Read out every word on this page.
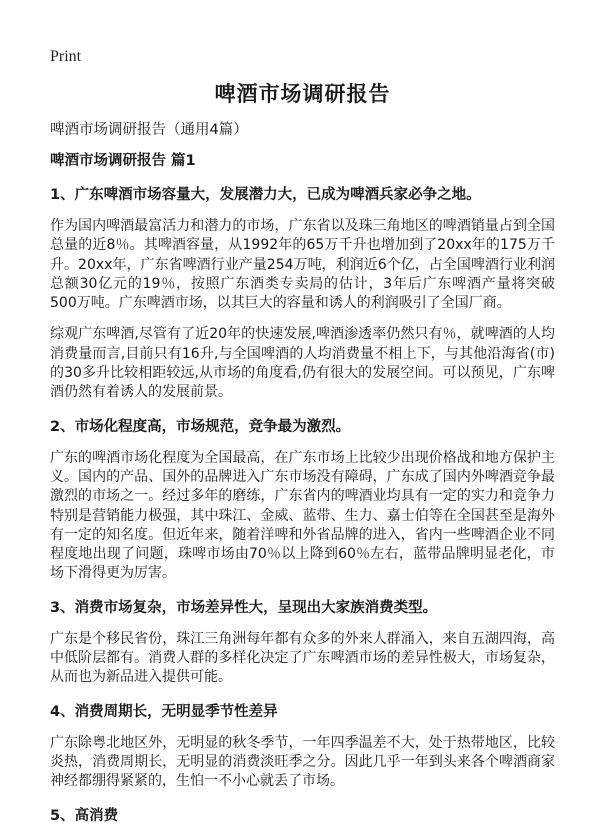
Print
啤酒市场调研报告
啤酒市场调研报告（通用4篇）
啤酒市场调研报告 篇1
1、广东啤酒市场容量大，发展潜力大，已成为啤酒兵家必争之地。

作为国内啤酒最富活力和潜力的市场，广东省以及珠三角地区的啤酒销量占到全国总量的近8％。其啤酒容量，从1992年的65万千升也增加到了20xx年的175万千升。20xx年，广东省啤酒行业产量254万吨，利润近6个亿，占全国啤酒行业利润总额30亿元的19％，按照广东酒类专卖局的估计，3年后广东啤酒产量将突破500万吨。广东啤酒市场，以其巨大的容量和诱人的利润吸引了全国厂商。

综观广东啤酒,尽管有了近20年的快速发展,啤酒渗透率仍然只有％，就啤酒的人均消费量而言,目前只有16升,与全国啤酒的人均消费量不相上下，与其他沿海省(市)的30多升比较相距较远,从市场的角度看,仍有很大的发展空间。可以预见，广东啤酒仍然有着诱人的发展前景。

2、市场化程度高，市场规范，竞争最为激烈。

广东的啤酒市场化程度为全国最高，在广东市场上比较少出现价格战和地方保护主义。国内的产品、国外的品牌进入广东市场没有障碍，广东成了国内外啤酒竞争最激烈的市场之一。经过多年的磨练，广东省内的啤酒业均具有一定的实力和竞争力特别是营销能力极强，其中珠江、金威、蓝带、生力、嘉士伯等在全国甚至是海外有一定的知名度。但近年来，随着洋啤和外省品牌的进入，省内一些啤酒企业不同程度地出现了问题，珠啤市场由70％以上降到60％左右，蓝带品牌明显老化，市场下滑得更为厉害。

3、消费市场复杂，市场差异性大，呈现出大家族消费类型。

广东是个移民省份，珠江三角洲每年都有众多的外来人群涌入，来自五湖四海，高中低阶层都有。消费人群的多样化决定了广东啤酒市场的差异性极大，市场复杂，从而也为新品进入提供可能。

4、消费周期长，无明显季节性差异

广东除粤北地区外，无明显的秋冬季节，一年四季温差不大，处于热带地区，比较炎热，消费周期长，无明显的消费淡旺季之分。因此几乎一年到头来各个啤酒商家神经都绷得紧紧的，生怕一不小心就丢了市场。

5、高消费
